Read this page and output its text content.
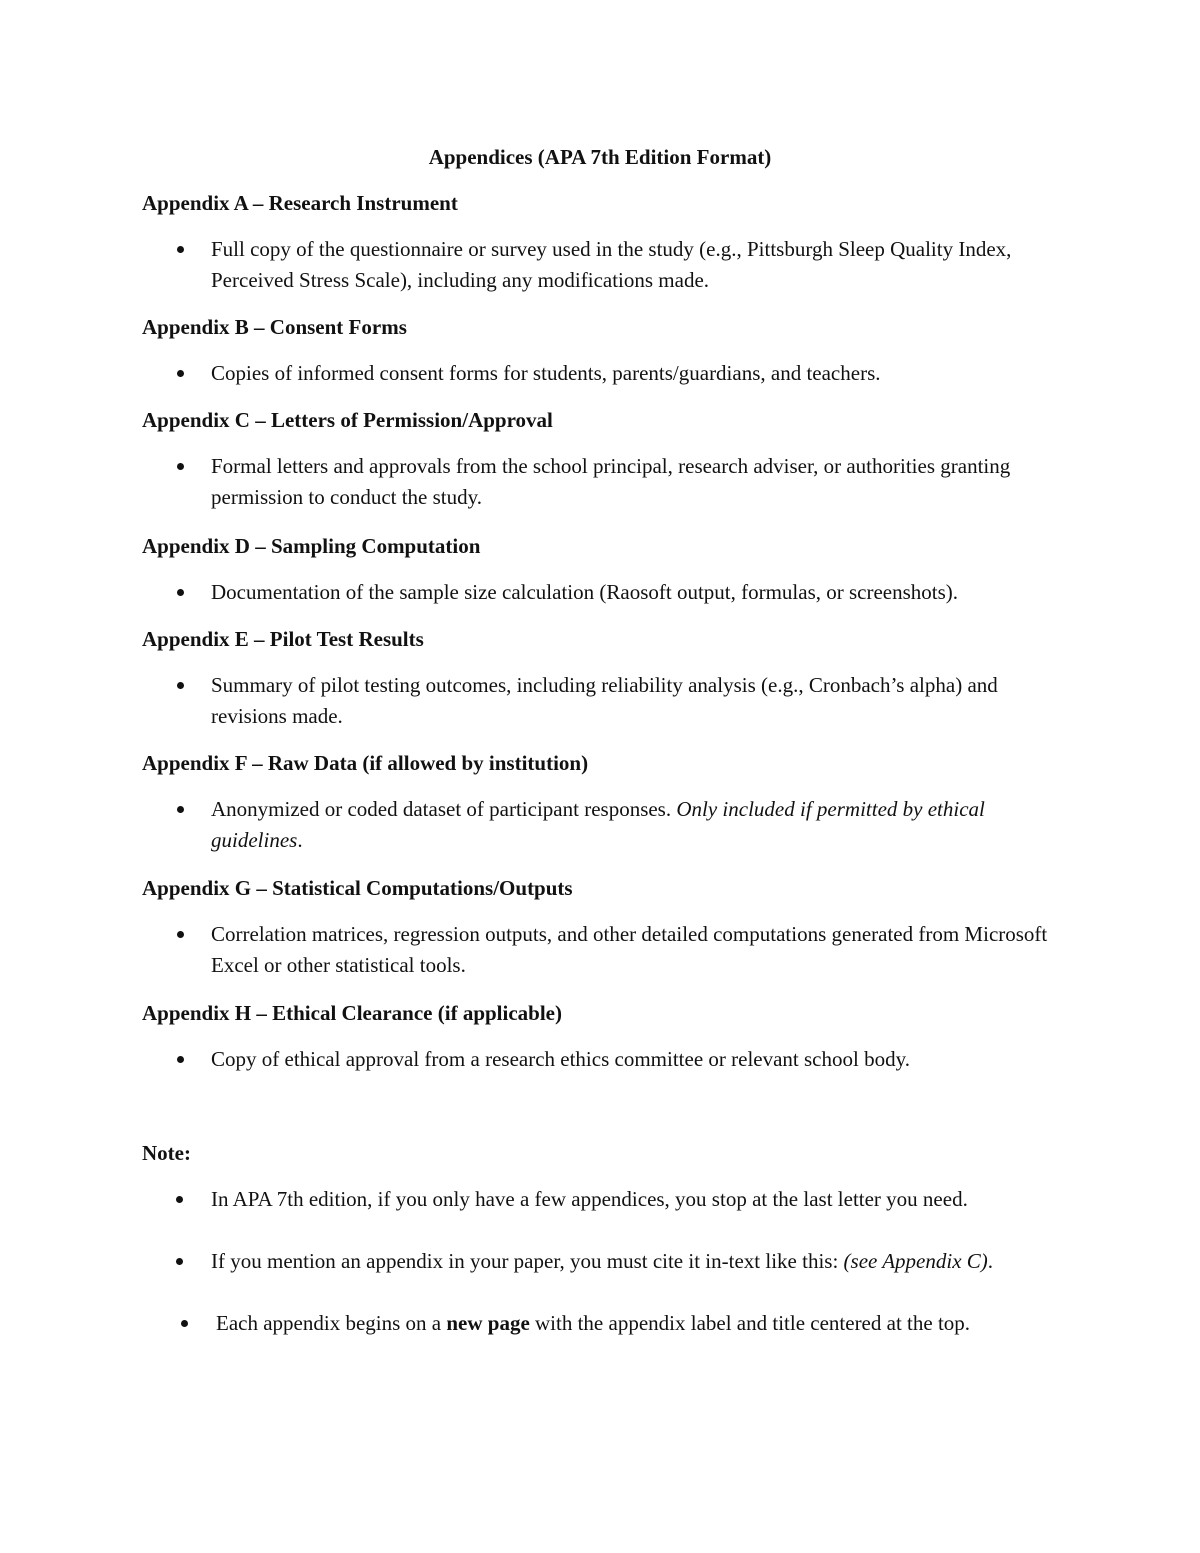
Appendices (APA 7th Edition Format)

Appendix A – Research Instrument

Full copy of the questionnaire or survey used in the study (e.g., Pittsburgh Sleep Quality Index, Perceived Stress Scale), including any modifications made.

Appendix B – Consent Forms

Copies of informed consent forms for students, parents/guardians, and teachers.

Appendix C – Letters of Permission/Approval

Formal letters and approvals from the school principal, research adviser, or authorities granting permission to conduct the study.

Appendix D – Sampling Computation

Documentation of the sample size calculation (Raosoft output, formulas, or screenshots).

Appendix E – Pilot Test Results

Summary of pilot testing outcomes, including reliability analysis (e.g., Cronbach’s alpha) and revisions made.

Appendix F – Raw Data (if allowed by institution)

Anonymized or coded dataset of participant responses. Only included if permitted by ethical guidelines.

Appendix G – Statistical Computations/Outputs

Correlation matrices, regression outputs, and other detailed computations generated from Microsoft Excel or other statistical tools.

Appendix H – Ethical Clearance (if applicable)

Copy of ethical approval from a research ethics committee or relevant school body.

Note:

In APA 7th edition, if you only have a few appendices, you stop at the last letter you need.
If you mention an appendix in your paper, you must cite it in-text like this: (see Appendix C).
Each appendix begins on a new page with the appendix label and title centered at the top.
